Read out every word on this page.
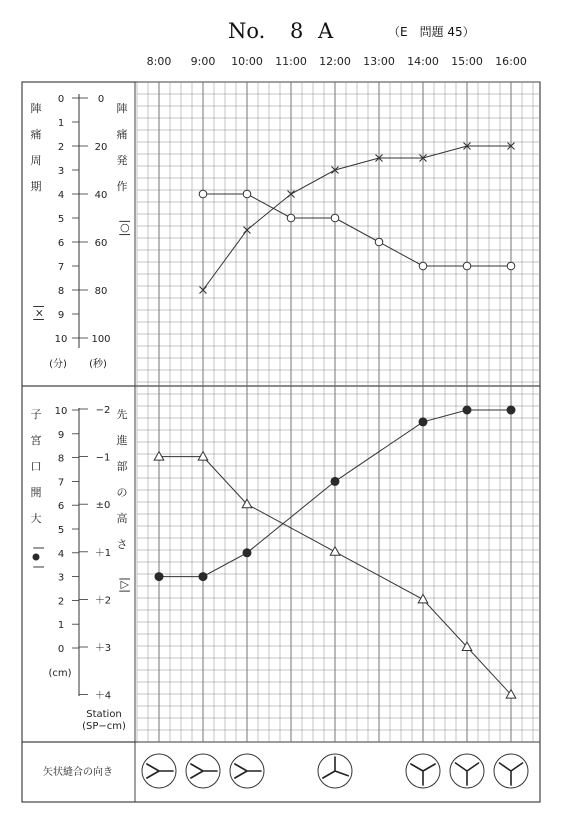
No. 8 A	（E　問題 45）
8:00 9:00 10:00 11:00 12:00 13:00 14:00 15:00 16:00
0
1
2
3
4
5
6
7
8
9
10
0
20
40
60
80
100
陣
痛
周
期
陣
痛
発
作
|×|
|○|
(分) (秒)
10
9
8
7
6
5
4
3
2
1
0
−2
−1
±0
＋1
＋2
＋3
＋4
子
宮
口
開
大
先
進
部
の
高
さ
|
|
|△|
(cm)
Station
(SP−cm)
矢状縫合の向き
